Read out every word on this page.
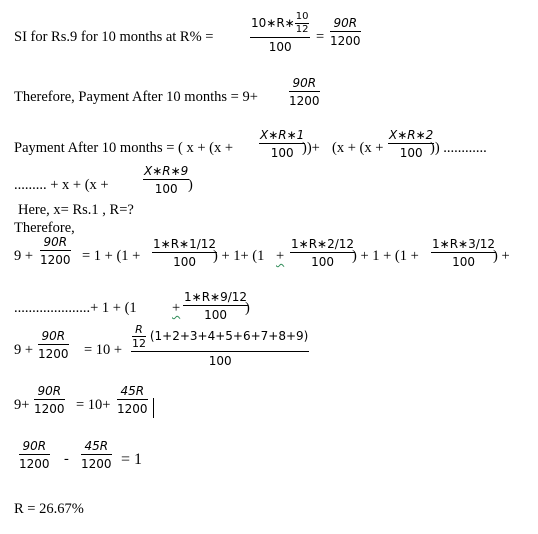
SI for Rs.9 for 10 months at R% =	$\frac{10∗R∗ \frac{10}{12}}{100} = \frac{90R}{1200}$
Therefore, Payment After 10 months = 9+	$\frac{90R}{1200}$
Payment After 10 months = ( $x + (x + \frac{X∗R∗1}{100}$
))+ ($x + (x + \frac{X∗R∗2}{100}$
)) ............
......... + x + (x +	$\frac{X∗R∗9}{100}$
)
Here, x= Rs.1 , R=?
Therefore,
$9 + \frac{90R}{1200} = 1 + (1 + \frac{1∗R∗1/12}{100}$
) + $1+ (1 + \frac{1∗R∗2/12}{100}$
) + $1 + (1 + \frac{1∗R∗3/12}{100}$
) +
.....................+ $1 + (1 + \frac{1∗R∗9/12}{100}$
)
$9 + \frac{90R}{1200} = 10 + \frac{\frac{R}{12} (1+2+3+4+5+6+7+8+9)}{100}$
$9+ \frac{90R}{1200} = 10+ \frac{45R}{1200}$
$\frac{90R}{1200} - \frac{45R}{1200} = 1$
R = 26.67%
